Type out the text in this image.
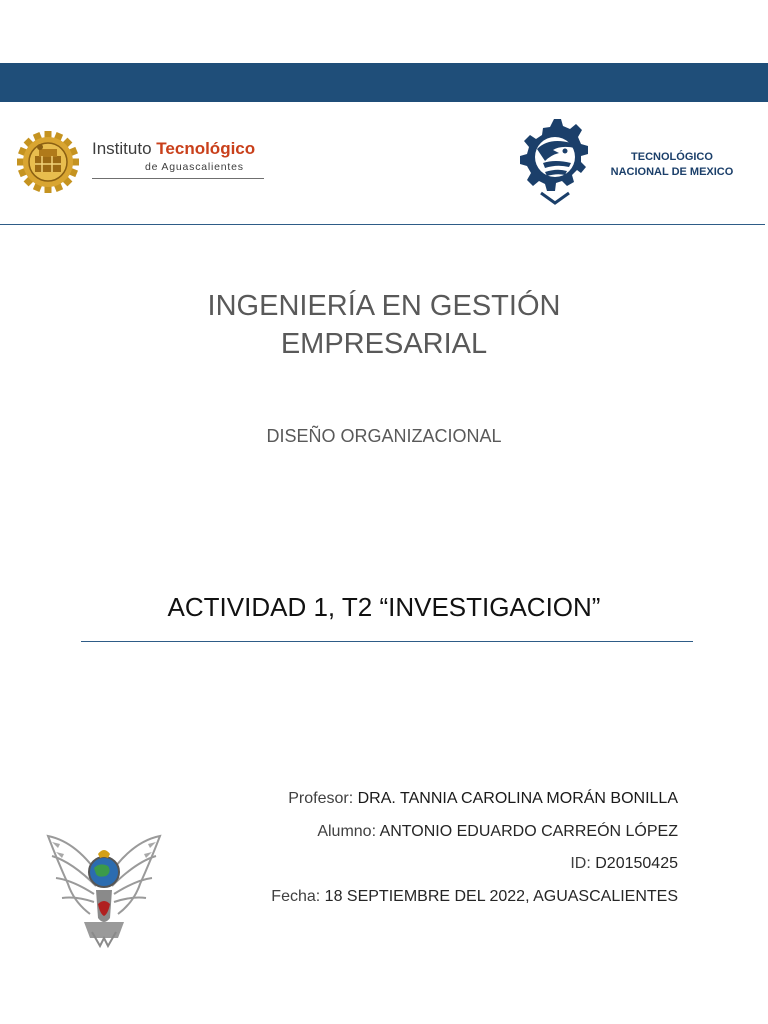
Instituto Tecnológico
de Aguascalientes
TECNOLÓGICO
NACIONAL DE MEXICO
INGENIERÍA EN GESTIÓN
EMPRESARIAL
DISEÑO ORGANIZACIONAL
ACTIVIDAD 1, T2 “INVESTIGACION”
Profesor: DRA. TANNIA CAROLINA MORÁN BONILLA
Alumno: ANTONIO EDUARDO CARREÓN LÓPEZ
ID: D20150425
Fecha: 18 SEPTIEMBRE DEL 2022, AGUASCALIENTES
